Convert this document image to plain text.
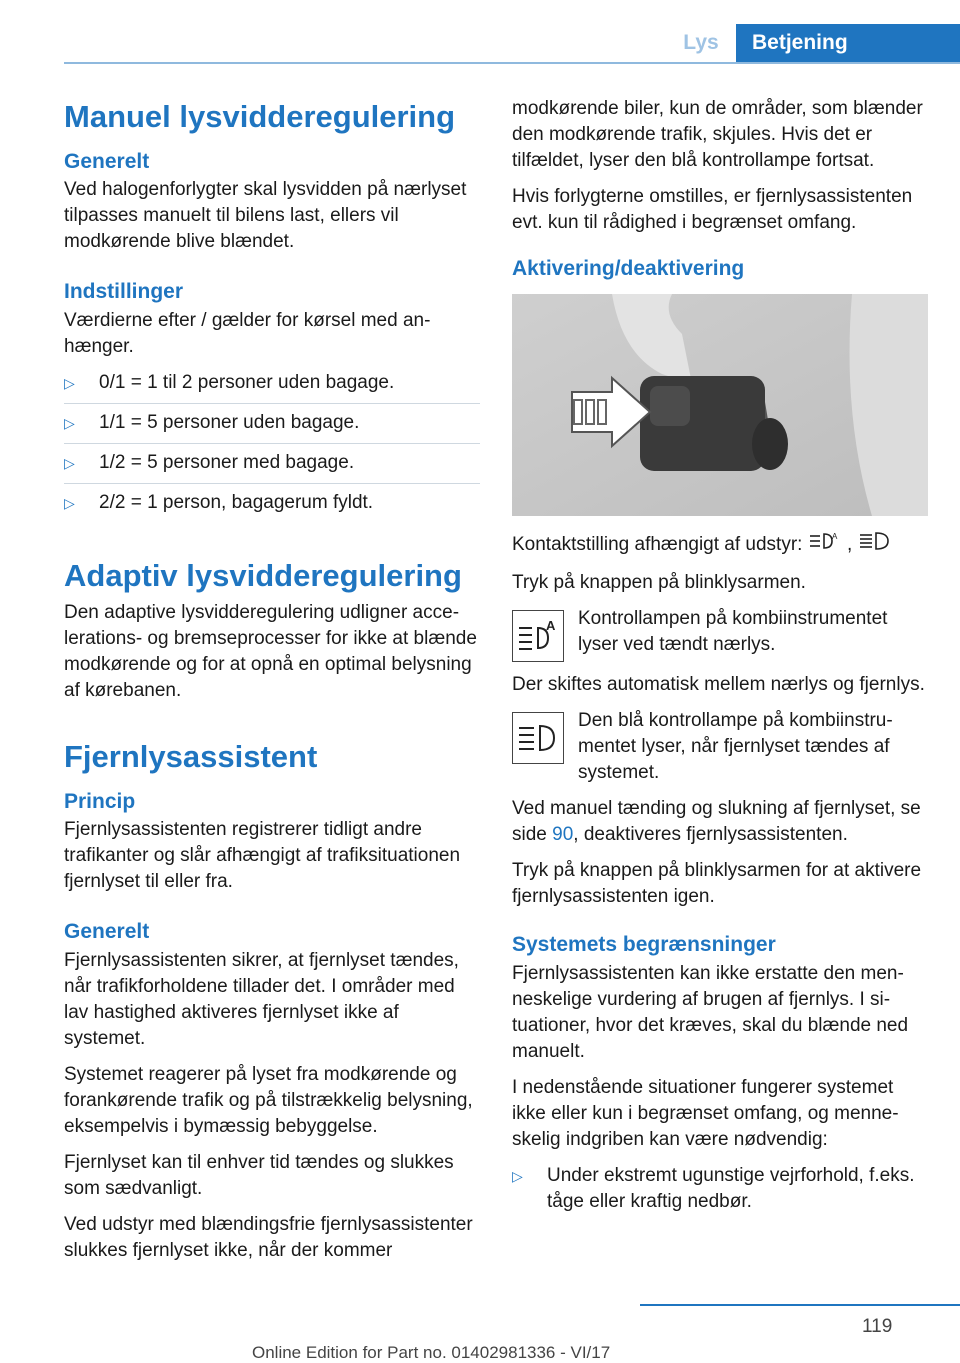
Lys	Betjening
Manuel lysvidderegulering
Generelt

Ved halogenforlygter skal lysvidden på nærlyset tilpasses manuelt til bilens last, ellers vil modkørende blive blændet.

Indstillinger

Værdierne efter / gælder for kørsel med anhænger.

▷ 0/1 = 1 til 2 personer uden bagage.
▷ 1/1 = 5 personer uden bagage.
▷ 1/2 = 5 personer med bagage.
▷ 2/2 = 1 person, bagagerum fyldt.
Adaptiv lysvidderegulering

Den adaptive lysvidderegulering udligner accelerations- og bremseprocesser for ikke at blænde modkørende og for at opnå en optimal belysning af kørebanen.

Fjernlysassistent
Princip

Fjernlysassistenten registrerer tidligt andre trafikanter og slår afhængigt af trafiksituationen fjernlyset til eller fra.

Generelt

Fjernlysassistenten sikrer, at fjernlyset tændes, når trafikforholdene tillader det. I områder med lav hastighed aktiveres fjernlyset ikke af systemet.

Systemet reagerer på lyset fra modkørende og forankørende trafik og på tilstrækkelig belysning, eksempelvis i bymæssig bebyggelse.

Fjernlyset kan til enhver tid tændes og slukkes som sædvanligt.

Ved udstyr med blændingsfrie fjernlysassistenter slukkes fjernlyset ikke, når der kommer

modkørende biler, kun de områder, som blænder den modkørende trafik, skjules. Hvis det er tilfældet, lyser den blå kontrollampe fortsat.

Hvis forlygterne omstilles, er fjernlysassistenten evt. kun til rådighed i begrænset omfang.

Aktivering/deaktivering

Kontaktstilling afhængigt af udstyr:	A ,

Tryk på knappen på blinklysarmen.

A Kontrollampen på kombiinstrumentet lyser ved tændt nærlys.

Der skiftes automatisk mellem nærlys og fjernlys.

Den blå kontrollampe på kombiinstrumentet lyser, når fjernlyset tændes af systemet.

Ved manuel tænding og slukning af fjernlyset, se side 90, deaktiveres fjernlysassistenten.

Tryk på knappen på blinklysarmen for at aktivere fjernlysassistenten igen.

Systemets begrænsninger

Fjernlysassistenten kan ikke erstatte den menneskelige vurdering af brugen af fjernlys. I situationer, hvor det kræves, skal du blænde ned manuelt.

I nedenstående situationer fungerer systemet ikke eller kun i begrænset omfang, og menneskelig indgriben kan være nødvendig:

▷ Under ekstremt ugunstige vejrforhold, f.eks. tåge eller kraftig nedbør.
119
Online Edition for Part no. 01402981336 - VI/17
